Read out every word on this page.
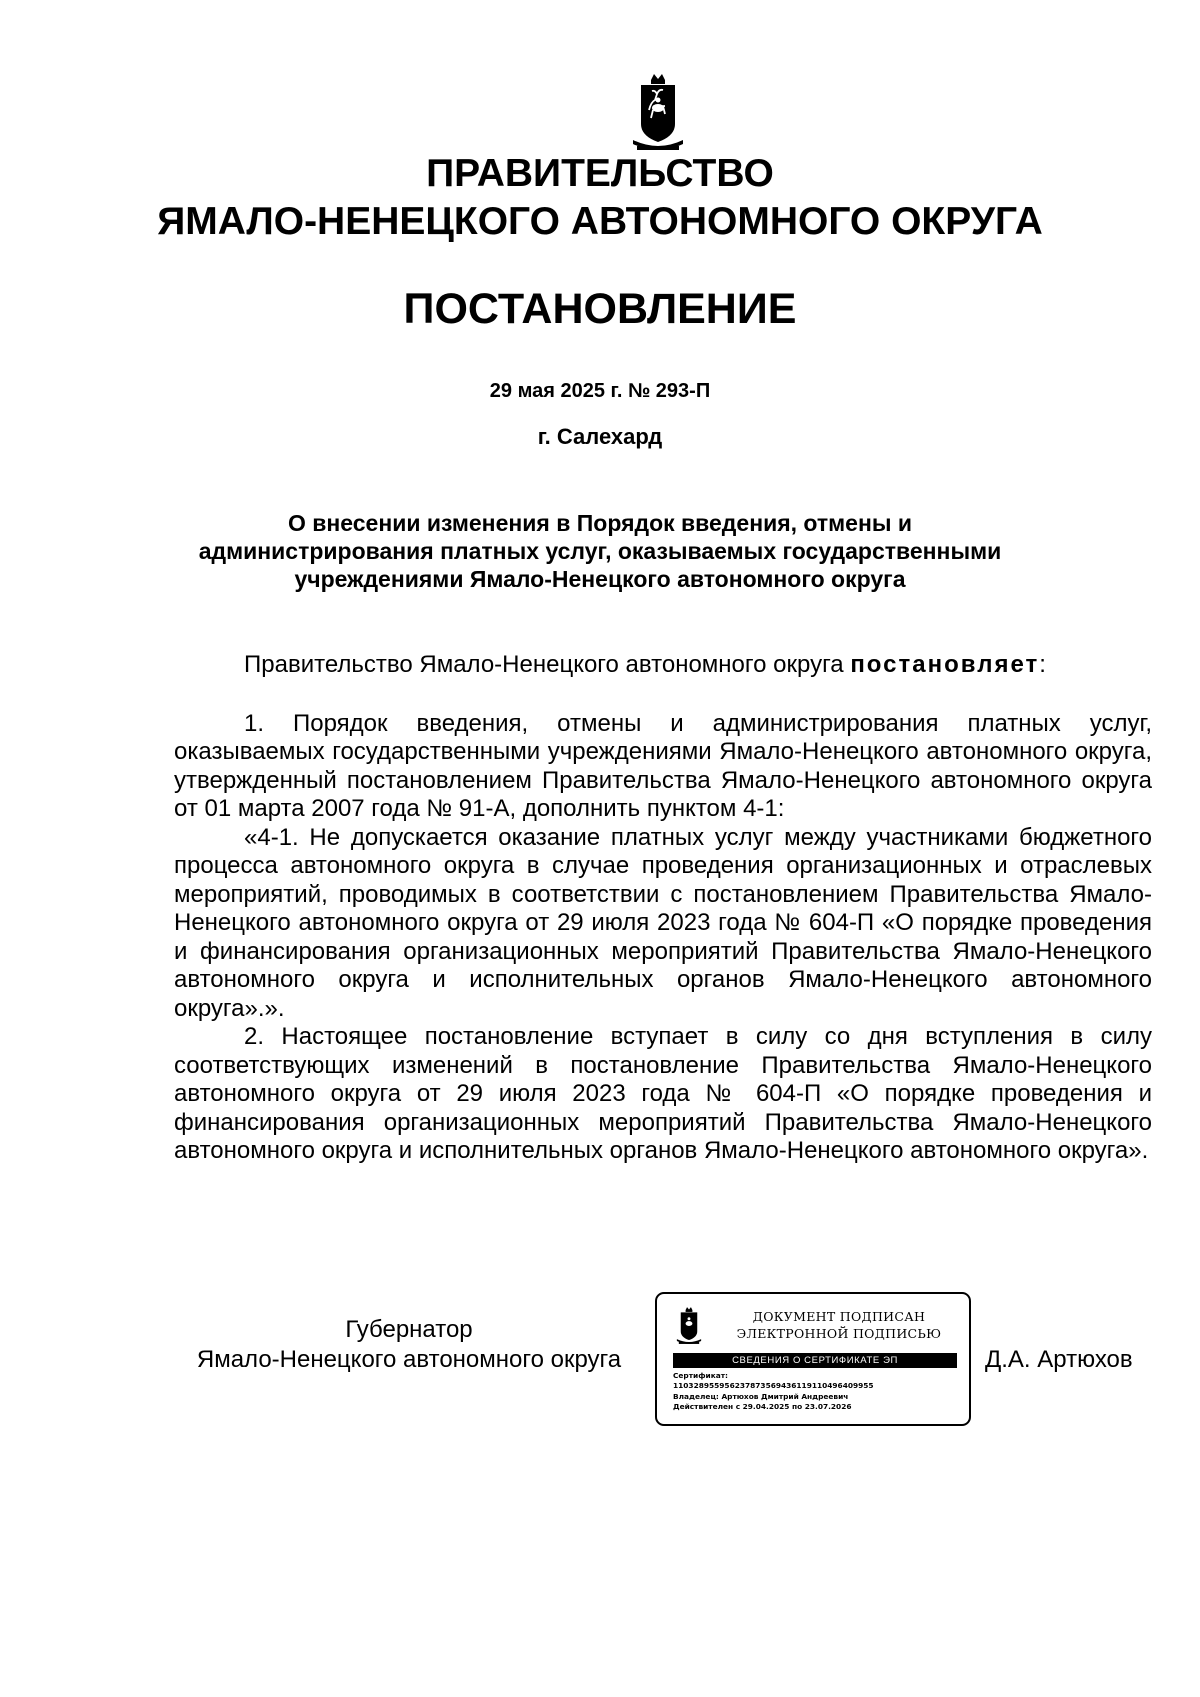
ПРАВИТЕЛЬСТВО
ЯМАЛО-НЕНЕЦКОГО АВТОНОМНОГО ОКРУГА
ПОСТАНОВЛЕНИЕ
29 мая 2025 г. № 293-П
г. Салехард
О внесении изменения в Порядок введения, отмены и администрирования платных услуг, оказываемых государственными учреждениями Ямало-Ненецкого автономного округа

Правительство Ямало-Ненецкого автономного округа постановляет:

1. Порядок введения, отмены и администрирования платных услуг, оказываемых государственными учреждениями Ямало-Ненецкого автономного округа, утвержденный постановлением Правительства Ямало-Ненецкого автономного округа от 01 марта 2007 года № 91-А, дополнить пунктом 4-1:

«4-1. Не допускается оказание платных услуг между участниками бюджетного процесса автономного округа в случае проведения организационных и отраслевых мероприятий, проводимых в соответствии с постановлением Правительства Ямало-Ненецкого автономного округа от 29 июля 2023 года № 604-П «О порядке проведения и финансирования организационных мероприятий Правительства Ямало-Ненецкого автономного округа и исполнительных органов Ямало-Ненецкого автономного округа».».

2. Настоящее постановление вступает в силу со дня вступления в силу соответствующих изменений в постановление Правительства Ямало-Ненецкого автономного округа от 29 июля 2023 года № 604-П «О порядке проведения и финансирования организационных мероприятий Правительства Ямало-Ненецкого автономного округа и исполнительных органов Ямало-Ненецкого автономного округа».

Губернатор
Ямало-Ненецкого автономного округа
ДОКУМЕНТ ПОДПИСАН
ЭЛЕКТРОННОЙ ПОДПИСЬЮ
СВЕДЕНИЯ О СЕРТИФИКАТЕ ЭП
Сертификат:
110328955956237873569436119110496409955
Владелец: Артюхов Дмитрий Андреевич
Действителен с 29.04.2025 по 23.07.2026
Д.А. Артюхов
